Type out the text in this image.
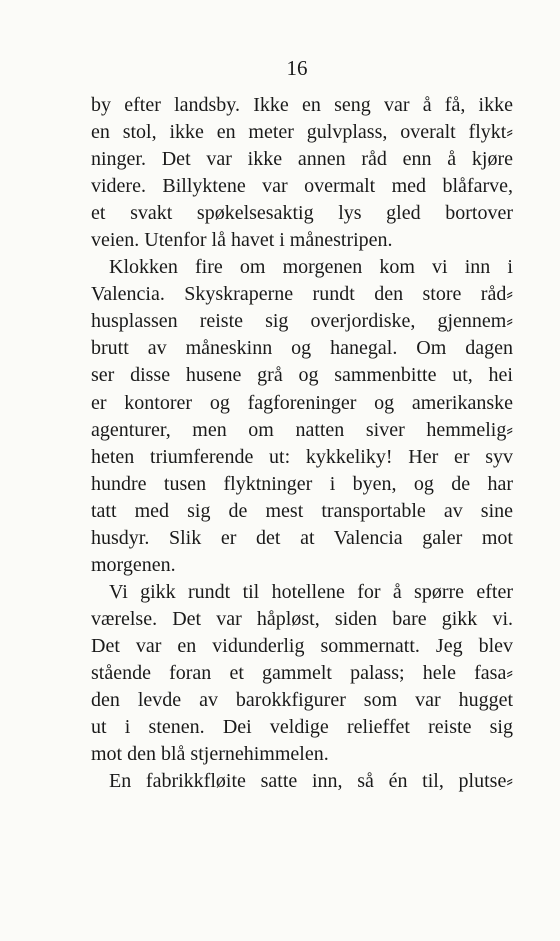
16
by efter landsby. Ikke en seng var å få, ikke
en stol, ikke en meter gulvplass, overalt flykt⸗
ninger. Det var ikke annen råd enn å kjøre
videre. Billyktene var overmalt med blåfarve,
et svakt spøkelsesaktig lys gled bortover
veien. Utenfor lå havet i månestripen.
Klokken fire om morgenen kom vi inn i
Valencia. Skyskraperne rundt den store råd⸗
husplassen reiste sig overjordiske, gjennem⸗
brutt av måneskinn og hanegal. Om dagen
ser disse husene grå og sammenbitte ut, hei
er kontorer og fagforeninger og amerikanske
agenturer, men om natten siver hemmelig⸗
heten triumferende ut: kykkeliky! Her er syv
hundre tusen flyktninger i byen, og de har
tatt med sig de mest transportable av sine
husdyr. Slik er det at Valencia galer mot
morgenen.
Vi gikk rundt til hotellene for å spørre efter
værelse. Det var håpløst, siden bare gikk vi.
Det var en vidunderlig sommernatt. Jeg blev
stående foran et gammelt palass; hele fasa⸗
den levde av barokkfigurer som var hugget
ut i stenen. Dei veldige relieffet reiste sig
mot den blå stjernehimmelen.
En fabrikkfløite satte inn, så én til, plutse⸗
